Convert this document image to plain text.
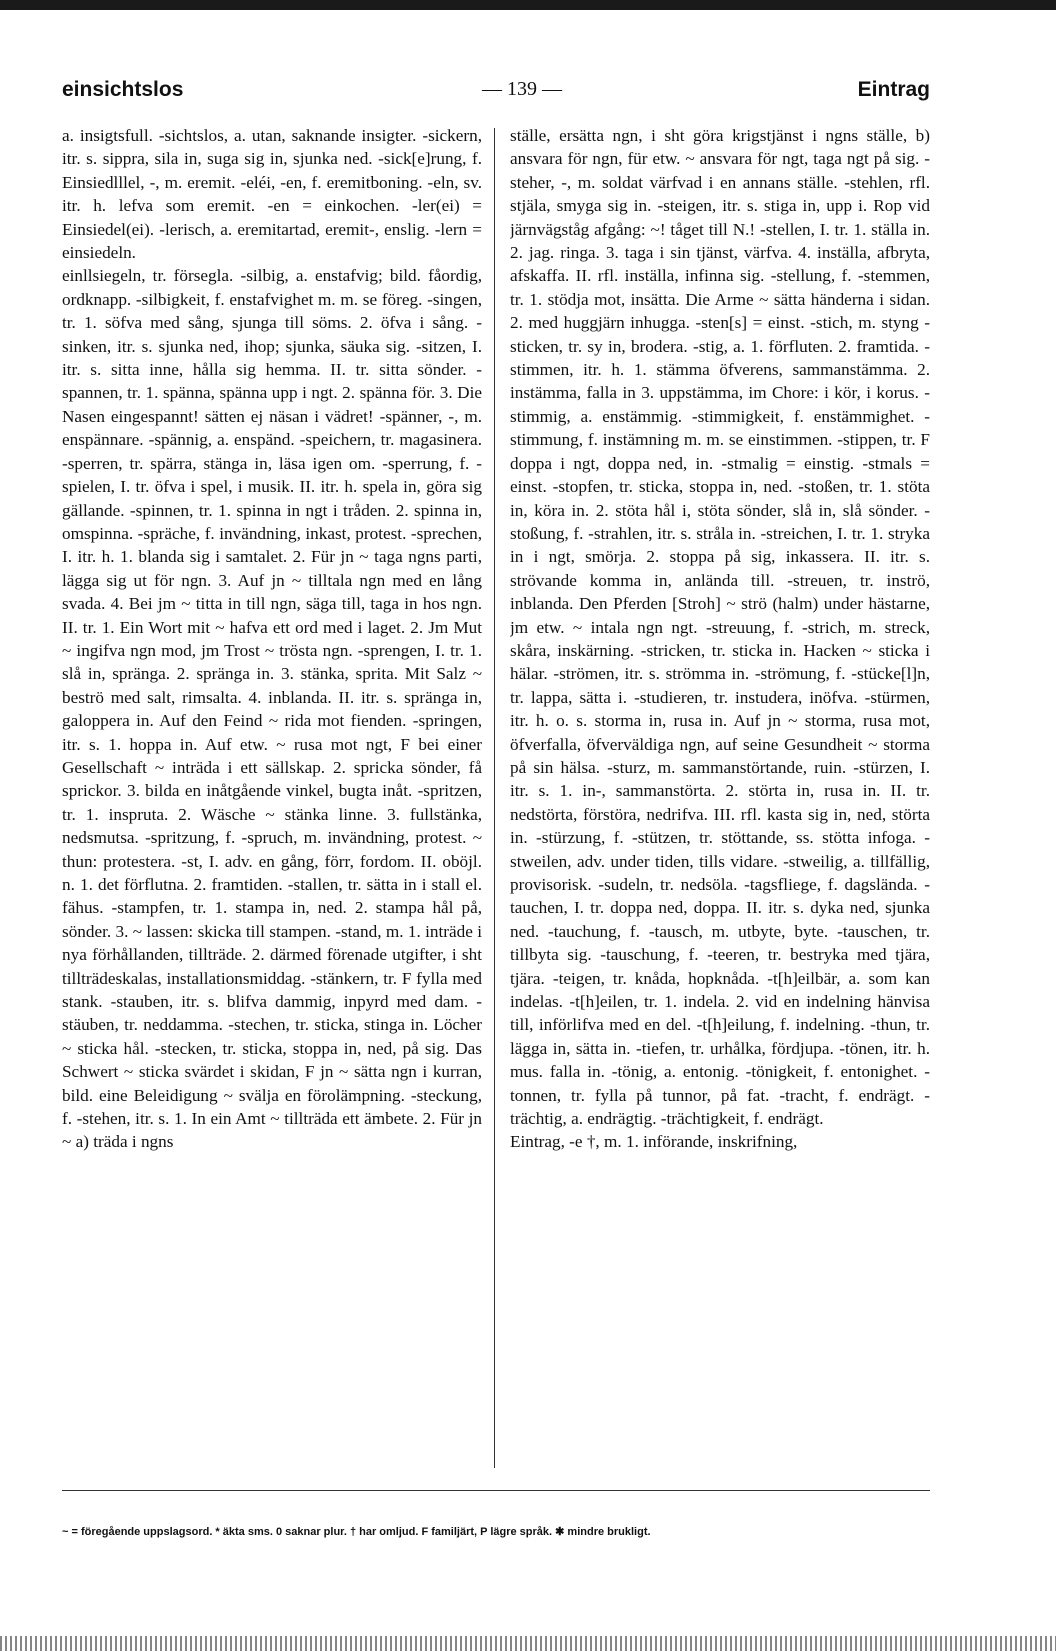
einsichtslos	— 139 —	Eintrag

a. insigtsfull. -sichtslos, a. utan, saknande insigter. -sickern, itr. s. sippra, sila in, suga sig in, sjunka ned. -sick[e]rung, f. Einsiedlllel, -, m. eremit. -eléi, -en, f. eremitboning. -eln, sv. itr. h. lefva som eremit. -en = einkochen. -ler(ei) = Einsiedel(ei). -lerisch, a. eremitartad, eremit-, enslig. -lern = einsiedeln.

einllsiegeln, tr. försegla. -silbig, a. enstafvig; bild. fåordig, ordknapp. -silbigkeit, f. enstafvighet m. m. se föreg. -singen, tr. 1. söfva med sång, sjunga till söms. 2. öfva i sång. -sinken, itr. s. sjunka ned, ihop; sjunka, säuka sig. -sitzen, I. itr. s. sitta inne, hålla sig hemma. II. tr. sitta sönder. -spannen, tr. 1. spänna, spänna upp i ngt. 2. spänna för. 3. Die Nasen eingespannt! sätten ej näsan i vädret! -spänner, -, m. enspännare. -spännig, a. enspänd. -speichern, tr. magasinera. -sperren, tr. spärra, stänga in, läsa igen om. -sperrung, f. -spielen, I. tr. öfva i spel, i musik. II. itr. h. spela in, göra sig gällande. -spinnen, tr. 1. spinna in ngt i tråden. 2. spinna in, omspinna. -spräche, f. invändning, inkast, protest. -sprechen, I. itr. h. 1. blanda sig i samtalet. 2. Für jn ~ taga ngns parti, lägga sig ut för ngn. 3. Auf jn ~ tilltala ngn med en lång svada. 4. Bei jm ~ titta in till ngn, säga till, taga in hos ngn. II. tr. 1. Ein Wort mit ~ hafva ett ord med i laget. 2. Jm Mut ~ ingifva ngn mod, jm Trost ~ trösta ngn. -sprengen, I. tr. 1. slå in, spränga. 2. spränga in. 3. stänka, sprita. Mit Salz ~ beströ med salt, rimsalta. 4. inblanda. II. itr. s. spränga in, galoppera in. Auf den Feind ~ rida mot fienden. -springen, itr. s. 1. hoppa in. Auf etw. ~ rusa mot ngt, F bei einer Gesellschaft ~ inträda i ett sällskap. 2. spricka sönder, få sprickor. 3. bilda en inåtgående vinkel, bugta inåt. -spritzen, tr. 1. insprutа. 2. Wäsche ~ stänka linne. 3. fullstänka, nedsmutsa. -spritzung, f. -spruch, m. invändning, protest. ~ thun: protestera. -st, I. adv. en gång, förr, fordom. II. oböjl. n. 1. det förflutna. 2. framtiden. -stallen, tr. sätta in i stall el. fähus. -stampfen, tr. 1. stampa in, ned. 2. stampa hål på, sönder. 3. ~ lassen: skicka till stampen. -stand, m. 1. inträde i nya förhållanden, tillträde. 2. därmed förenade utgifter, i sht tillträdeskalas, installationsmiddag. -stänkern, tr. F fylla med stank. -stauben, itr. s. blifva dammig, inpyrd med dam. -stäuben, tr. neddamma. -stechen, tr. sticka, stinga in. Löcher ~ sticka hål. -stecken, tr. sticka, stoppa in, ned, på sig. Das Schwert ~ sticka svärdet i skidan, F jn ~ sätta ngn i kurran, bild. eine Beleidigung ~ svälja en förolämpning. -steckung, f. -stehen, itr. s. 1. In ein Amt ~ tillträda ett ämbete. 2. Für jn ~ a) träda i ngns

ställe, ersätta ngn, i sht göra krigstjänst i ngns ställe, b) ansvara för ngn, für etw. ~ ansvara för ngt, taga ngt på sig. -steher, -, m. soldat värfvad i en annans ställe. -stehlen, rfl. stjäla, smyga sig in. -steigen, itr. s. stiga in, upp i. Rop vid järnvägståg afgång: ~! tåget till N.! -stellen, I. tr. 1. ställa in. 2. jag. ringa. 3. taga i sin tjänst, värfva. 4. inställa, afbryta, afskaffa. II. rfl. inställa, infinna sig. -stellung, f. -stemmen, tr. 1. stödja mot, insätta. Die Arme ~ sätta händerna i sidan. 2. med huggjärn inhugga. -sten[s] = einst. -stich, m. styng -sticken, tr. sy in, brodera. -stig, a. 1. förfluten. 2. framtida. -stimmen, itr. h. 1. stämma öfverens, sammanstämma. 2. instämma, falla in 3. uppstämma, im Chore: i kör, i korus. -stimmig, a. enstämmig. -stimmigkeit, f. enstämmighet. -stimmung, f. instämning m. m. se einstimmen. -stippen, tr. F doppa i ngt, doppa ned, in. -stmalig = einstig. -stmals = einst. -stopfen, tr. sticka, stoppa in, ned. -stoßen, tr. 1. stöta in, köra in. 2. stöta hål i, stöta sönder, slå in, slå sönder. -stoßung, f. -strahlen, itr. s. stråla in. -streichen, I. tr. 1. stryka in i ngt, smörja. 2. stoppa på sig, inkassera. II. itr. s. strövande komma in, anlända till. -streuen, tr. inströ, inblanda. Den Pferden [Stroh] ~ strö (halm) under hästarne, jm etw. ~ intala ngn ngt. -streuung, f. -strich, m. streck, skåra, inskärning. -stricken, tr. sticka in. Hacken ~ sticka i hälar. -strömen, itr. s. strömma in. -strömung, f. -stücke[l]n, tr. lappa, sätta i. -studieren, tr. instudera, inöfva. -stürmen, itr. h. o. s. storma in, rusa in. Auf jn ~ storma, rusa mot, öfverfalla, öfverväldiga ngn, auf seine Gesundheit ~ storma på sin hälsa. -sturz, m. sammanstörtande, ruin. -stürzen, I. itr. s. 1. in-, sammanstörta. 2. störta in, rusa in. II. tr. nedstörta, förstöra, nedrifva. III. rfl. kasta sig in, ned, störta in. -stürzung, f. -stützen, tr. stöttande, ss. stötta infoga. -stweilen, adv. under tiden, tills vidare. -stweilig, a. tillfällig, provisorisk. -sudeln, tr. nedsöla. -tagsfliege, f. dagslända. -tauchen, I. tr. doppa ned, doppa. II. itr. s. dyka ned, sjunka ned. -tauchung, f. -tausch, m. utbyte, byte. -tauschen, tr. tillbyta sig. -tauschung, f. -teeren, tr. bestryka med tjära, tjära. -teigen, tr. knåda, hopknåda. -t[h]eilbär, a. som kan indelas. -t[h]eilen, tr. 1. indela. 2. vid en indelning hänvisa till, införlifva med en del. -t[h]eilung, f. indelning. -thun, tr. lägga in, sätta in. -tiefen, tr. urhålka, fördjupa. -tönen, itr. h. mus. falla in. -tönig, a. entonig. -tönigkeit, f. entonighet. -tonnen, tr. fylla på tunnor, på fat. -tracht, f. endrägt. -trächtig, a. endrägtig. -trächtigkeit, f. endrägt.

Eintrag, -e †, m. 1. införande, inskrifning,

~ = föregående uppslagsord. * äkta sms. 0 saknar plur. † har omljud. F familjärt, P lägre språk. ✱ mindre brukligt.
